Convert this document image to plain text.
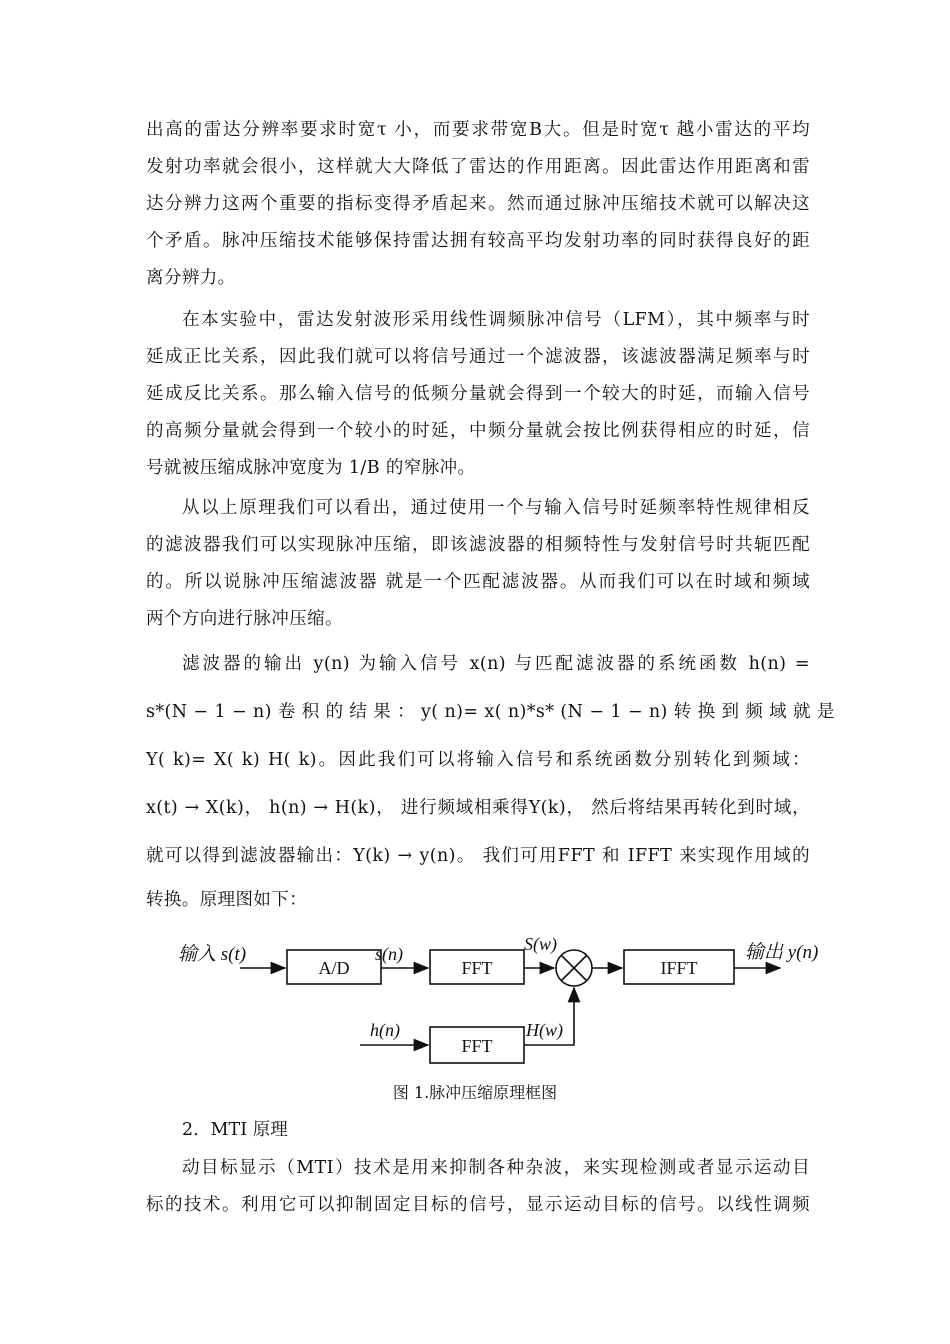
出高的雷达分辨率要求时宽τ 小，而要求带宽B大。但是时宽τ 越小雷达的平均
发射功率就会很小，这样就大大降低了雷达的作用距离。因此雷达作用距离和雷
达分辨力这两个重要的指标变得矛盾起来。然而通过脉冲压缩技术就可以解决这
个矛盾。脉冲压缩技术能够保持雷达拥有较高平均发射功率的同时获得良好的距
离分辨力。
在本实验中，雷达发射波形采用线性调频脉冲信号（LFM），其中频率与时
延成正比关系，因此我们就可以将信号通过一个滤波器，该滤波器满足频率与时
延成反比关系。那么输入信号的低频分量就会得到一个较大的时延，而输入信号
的高频分量就会得到一个较小的时延，中频分量就会按比例获得相应的时延，信
号就被压缩成脉冲宽度为 1/B 的窄脉冲。
从以上原理我们可以看出，通过使用一个与输入信号时延频率特性规律相反
的滤波器我们可以实现脉冲压缩，即该滤波器的相频特性与发射信号时共轭匹配
的。所以说脉冲压缩滤波器 就是一个匹配滤波器。从而我们可以在时域和频域
两个方向进行脉冲压缩。
滤波器的输出 y(n) 为输入信号 x(n) 与匹配滤波器的系统函数 h(n) =
s*(N − 1 − n) 卷 积 的 结 果 ： y( n)= x( n)*s* (N − 1 − n) 转 换 到 频 域 就 是
Y( k)= X( k) H( k)。因此我们可以将输入信号和系统函数分别转化到频域：
x(t) → X(k)， h(n) → H(k)， 进行频域相乘得Y(k)， 然后将结果再转化到时域，
就可以得到滤波器输出：Y(k) → y(n)。 我们可用FFT 和 IFFT 来实现作用域的
转换。原理图如下：
输入 s(t)
A/D
s(n)
FFT
S(w)
IFFT
输出 y(n)
h(n)
FFT
H(w)
图 1.脉冲压缩原理框图
2．MTI 原理
动目标显示（MTI）技术是用来抑制各种杂波，来实现检测或者显示运动目
标的技术。利用它可以抑制固定目标的信号，显示运动目标的信号。以线性调频
